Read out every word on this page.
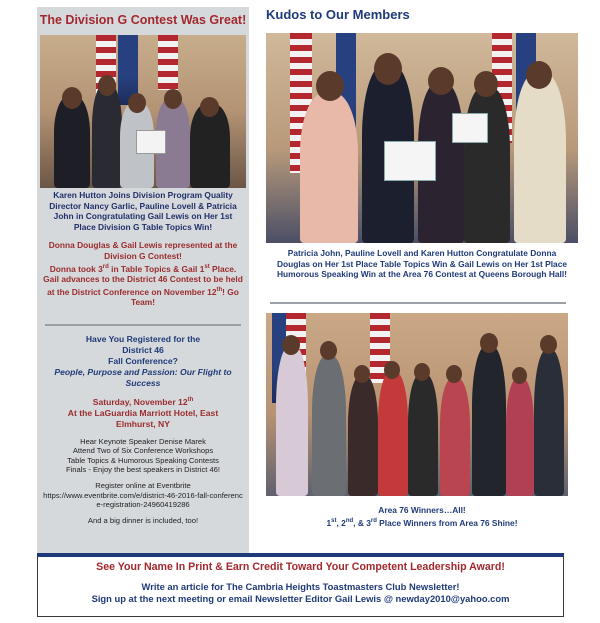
The Division G Contest Was Great!
Karen Hutton Joins Division Program Quality Director Nancy Garlic, Pauline Lovell & Patricia John in Congratulating Gail Lewis on Her 1st Place Division G Table Topics Win!
Donna Douglas & Gail Lewis represented at the Division G Contest!
Donna took 3rd in Table Topics & Gail 1st Place. Gail advances to the District 46 Contest to be held at the District Conference on November 12th! Go Team!
Have You Registered for the
District 46
Fall Conference?
People, Purpose and Passion: Our Flight to Success
Saturday, November 12th
At the LaGuardia Marriott Hotel, East Elmhurst, NY
Hear Keynote Speaker Denise Marek
Attend Two of Six Conference Workshops
Table Topics & Humorous Speaking Contests
Finals - Enjoy the best speakers in District 46!
Register online at Eventbrite
https://www.eventbrite.com/e/district-46-2016-fall-conference-registration-24960419286
And a big dinner is included, too!
Kudos to Our Members
Patricia John, Pauline Lovell and Karen Hutton Congratulate Donna Douglas on Her 1st Place Table Topics Win & Gail Lewis on Her 1st Place Humorous Speaking Win at the Area 76 Contest at Queens Borough Hall!
Area 76 Winners…All!
1st, 2nd, & 3rd Place Winners from Area 76 Shine!
See Your Name In Print & Earn Credit Toward Your Competent Leadership Award!
Write an article for The Cambria Heights Toastmasters Club Newsletter!
Sign up at the next meeting or email Newsletter Editor Gail Lewis @ newday2010@yahoo.com
